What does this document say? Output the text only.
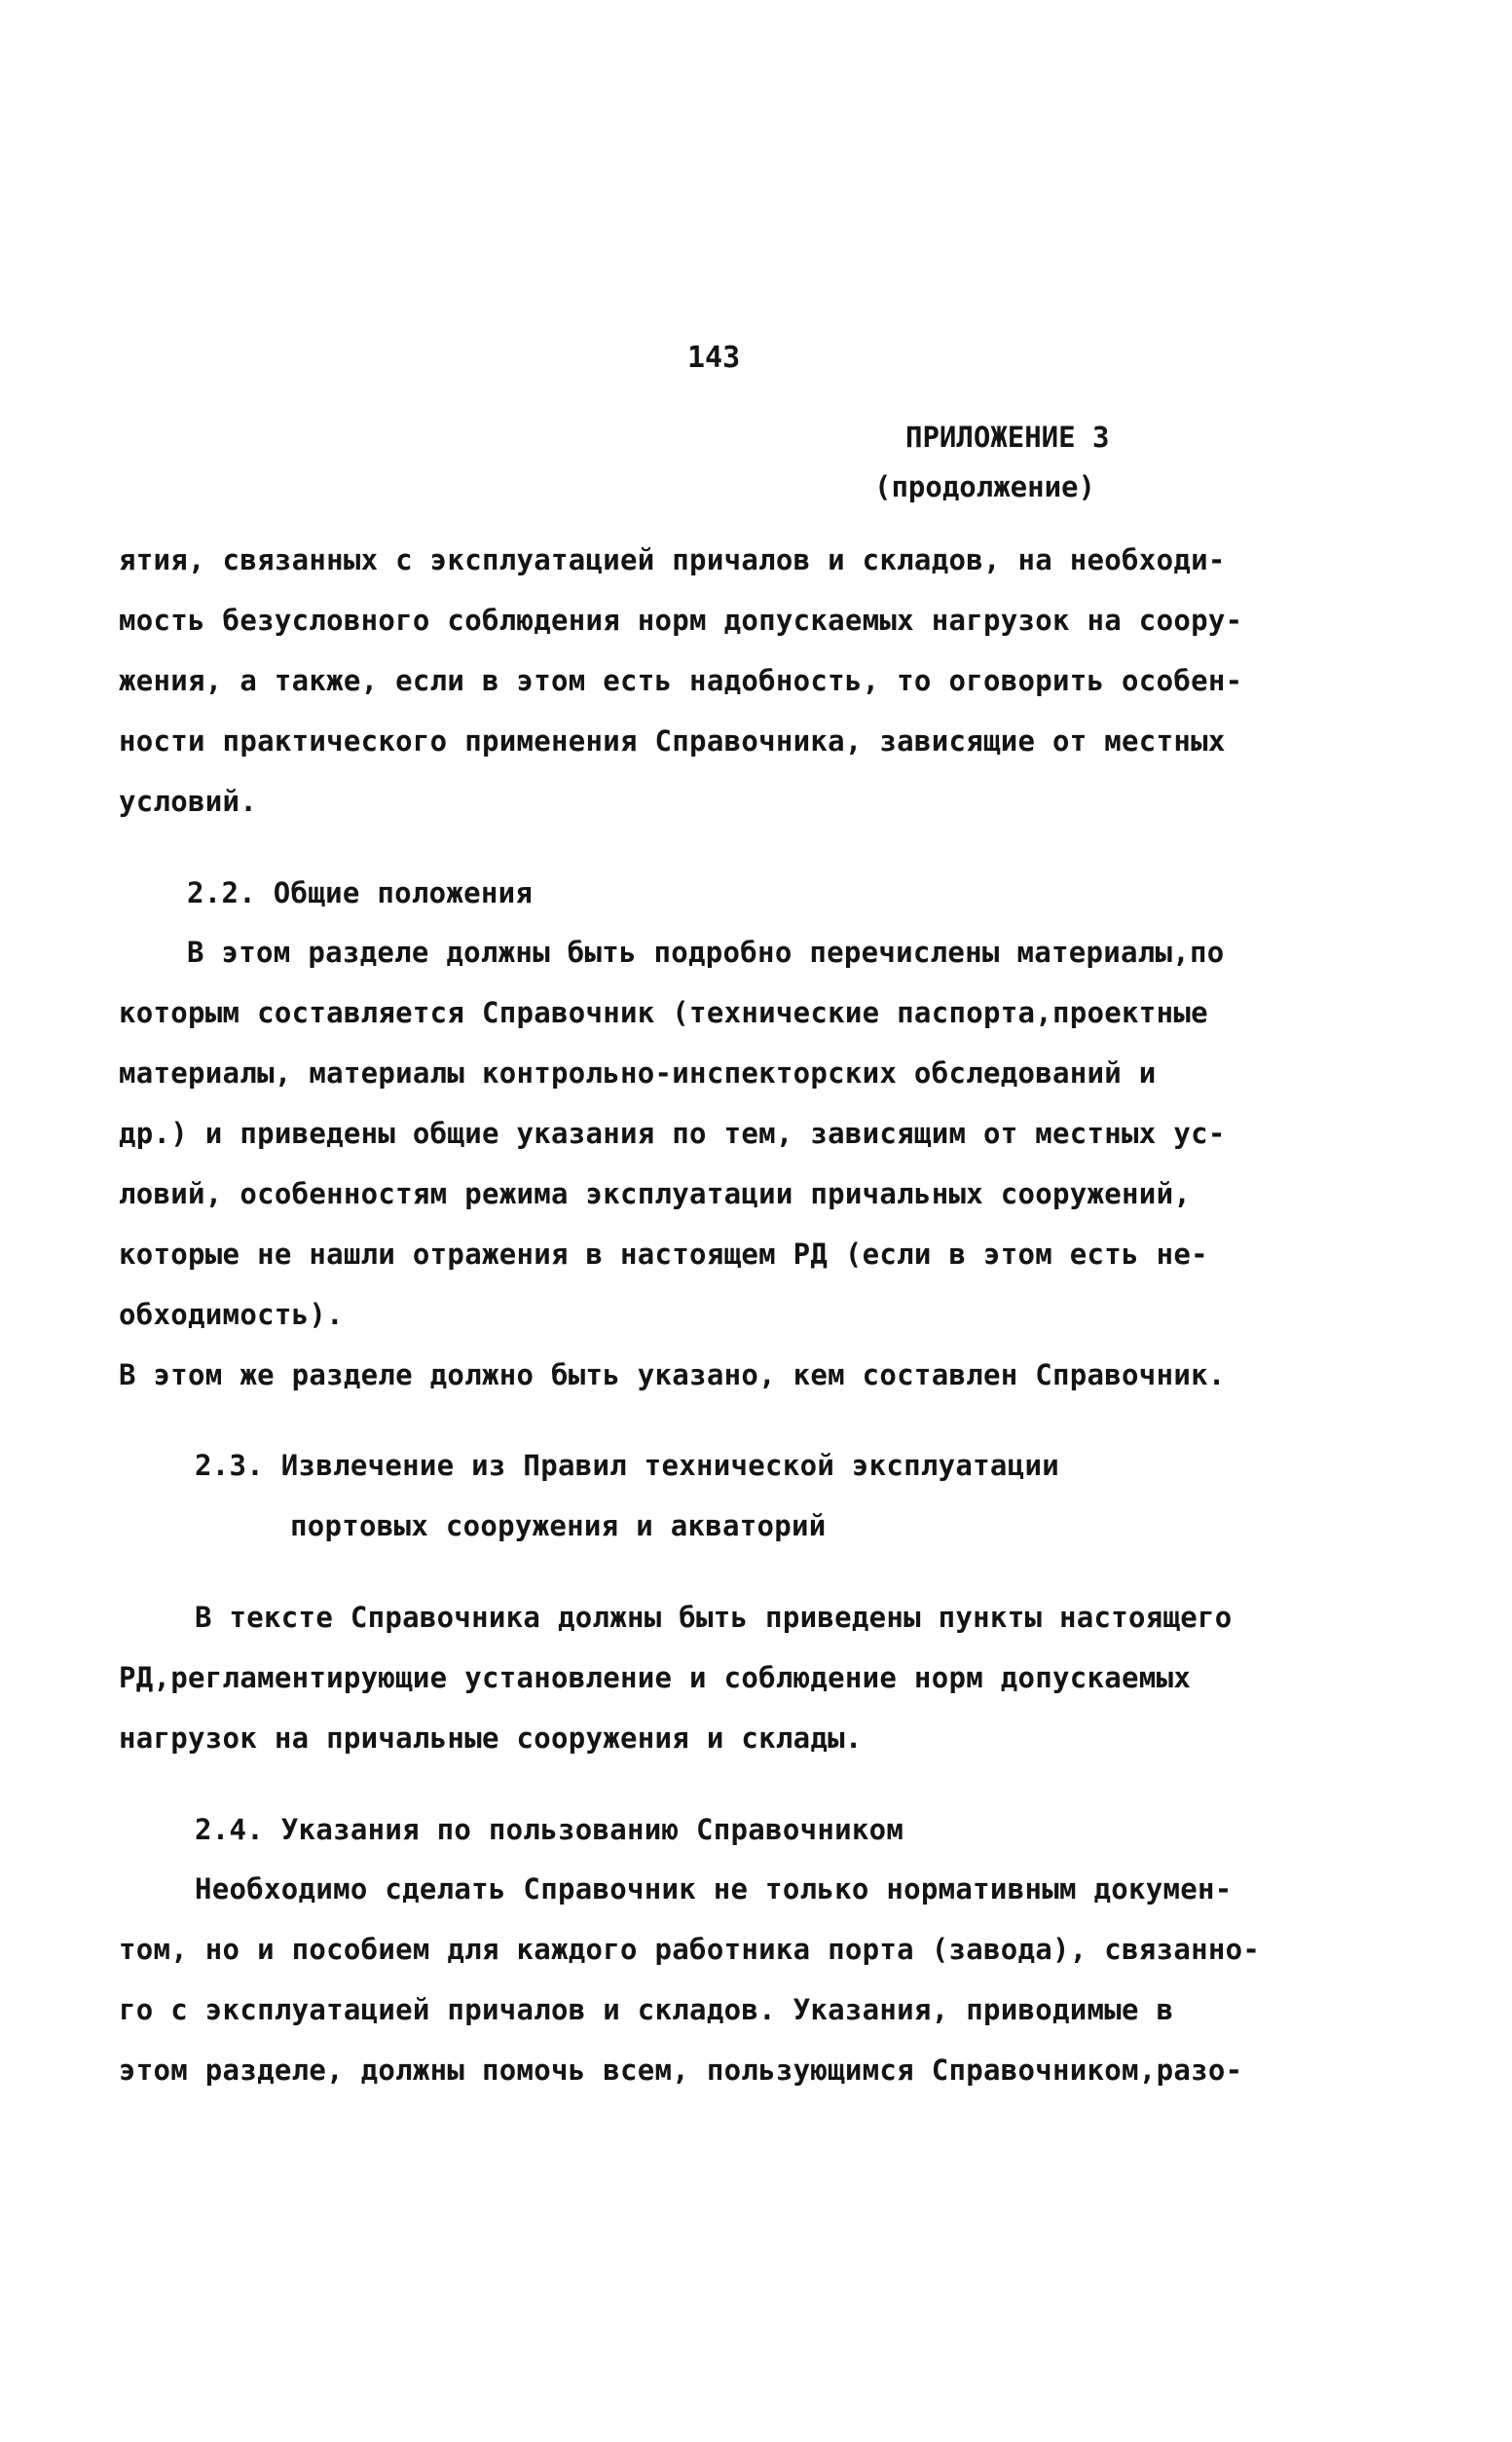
143
ПРИЛОЖЕНИЕ 3
(продолжение)
ятия, связанных с эксплуатацией причалов и складов, на необходи-
мость безусловного соблюдения норм допускаемых нагрузок на соору-
жения, а также, если в этом есть надобность, то оговорить особен-
ности практического применения Справочника, зависящие от местных
условий.
2.2. Общие положения
В этом разделе должны быть подробно перечислены материалы,по
которым составляется Справочник (технические паспорта,проектные
материалы, материалы контрольно-инспекторских обследований и
др.) и приведены общие указания по тем, зависящим от местных ус-
ловий, особенностям режима эксплуатации причальных сооружений,
которые не нашли отражения в настоящем РД (если в этом есть не-
обходимость).
В этом же разделе должно быть указано, кем составлен Справочник.
2.3. Извлечение из Правил технической эксплуатации
портовых сооружения и акваторий
В тексте Справочника должны быть приведены пункты настоящего
РД,регламентирующие установление и соблюдение норм допускаемых
нагрузок на причальные сооружения и склады.
2.4. Указания по пользованию Справочником
Необходимо сделать Справочник не только нормативным докумен-
том, но и пособием для каждого работника порта (завода), связанно-
го с эксплуатацией причалов и складов. Указания, приводимые в
этом разделе, должны помочь всем, пользующимся Справочником,разо-
